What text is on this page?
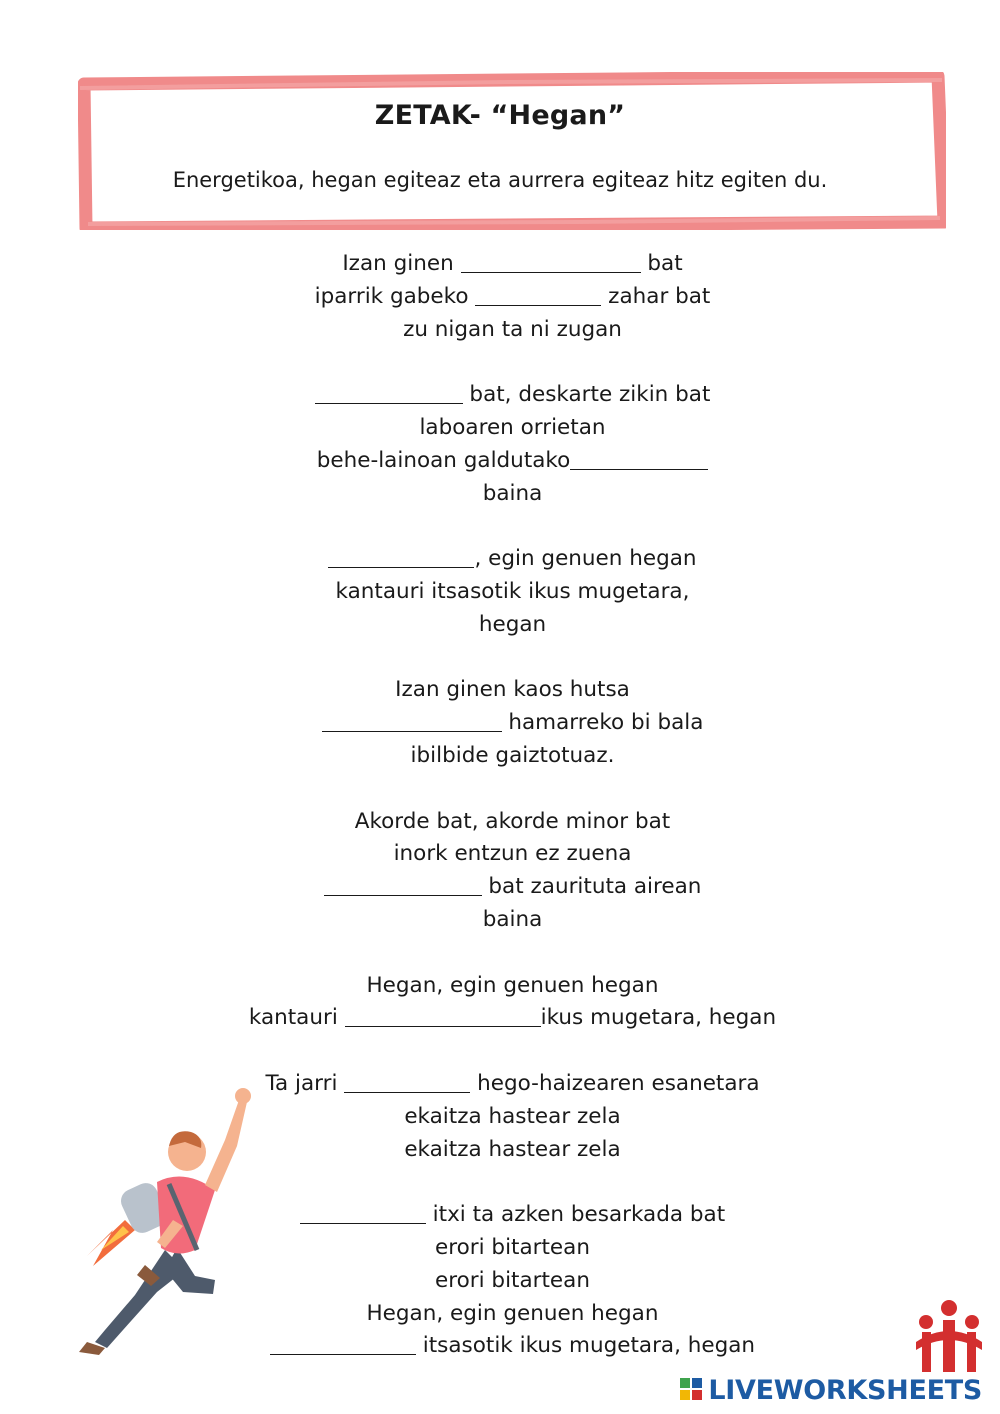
ZETAK- “Hegan”
Energetikoa, hegan egiteaz eta aurrera egiteaz hitz egiten du.
Izan ginen	bat
iparrik gabeko	zahar bat
zu nigan ta ni zugan
bat, deskarte zikin bat
laboaren orrietan
behe-lainoan galdutako
baina
, egin genuen hegan
kantauri itsasotik ikus mugetara,
hegan
Izan ginen kaos hutsa
hamarreko bi bala
ibilbide gaiztotuaz.
Akorde bat, akorde minor bat
inork entzun ez zuena
bat zaurituta airean
baina
Hegan, egin genuen hegan
kantauri	ikus mugetara, hegan
Ta jarri	hego-haizearen esanetara
ekaitza hastear zela
ekaitza hastear zela
itxi ta azken besarkada bat
erori bitartean
erori bitartean
Hegan, egin genuen hegan
itsasotik ikus mugetara, hegan
LIVEWORKSHEETS
